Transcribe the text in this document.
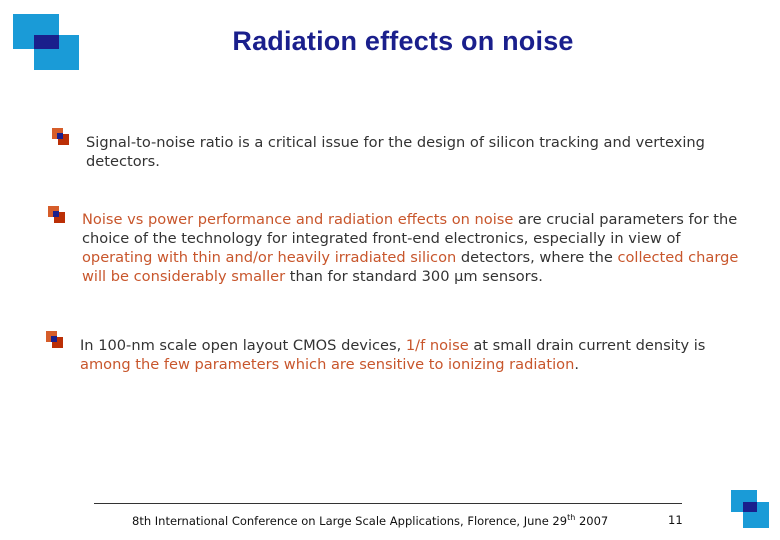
Radiation effects on noise
Signal-to-noise ratio is a critical issue for the design of silicon tracking and vertexing detectors.
Noise vs power performance and radiation effects on noise are crucial parameters for the choice of the technology for integrated front-end electronics, especially in view of operating with thin and/or heavily irradiated silicon detectors, where the collected charge will be considerably smaller than for standard 300 µm sensors.
In 100-nm scale open layout CMOS devices, 1/f noise at small drain current density is among the few parameters which are sensitive to ionizing radiation.
8th International Conference on Large Scale Applications, Florence, June 29th 2007	11
